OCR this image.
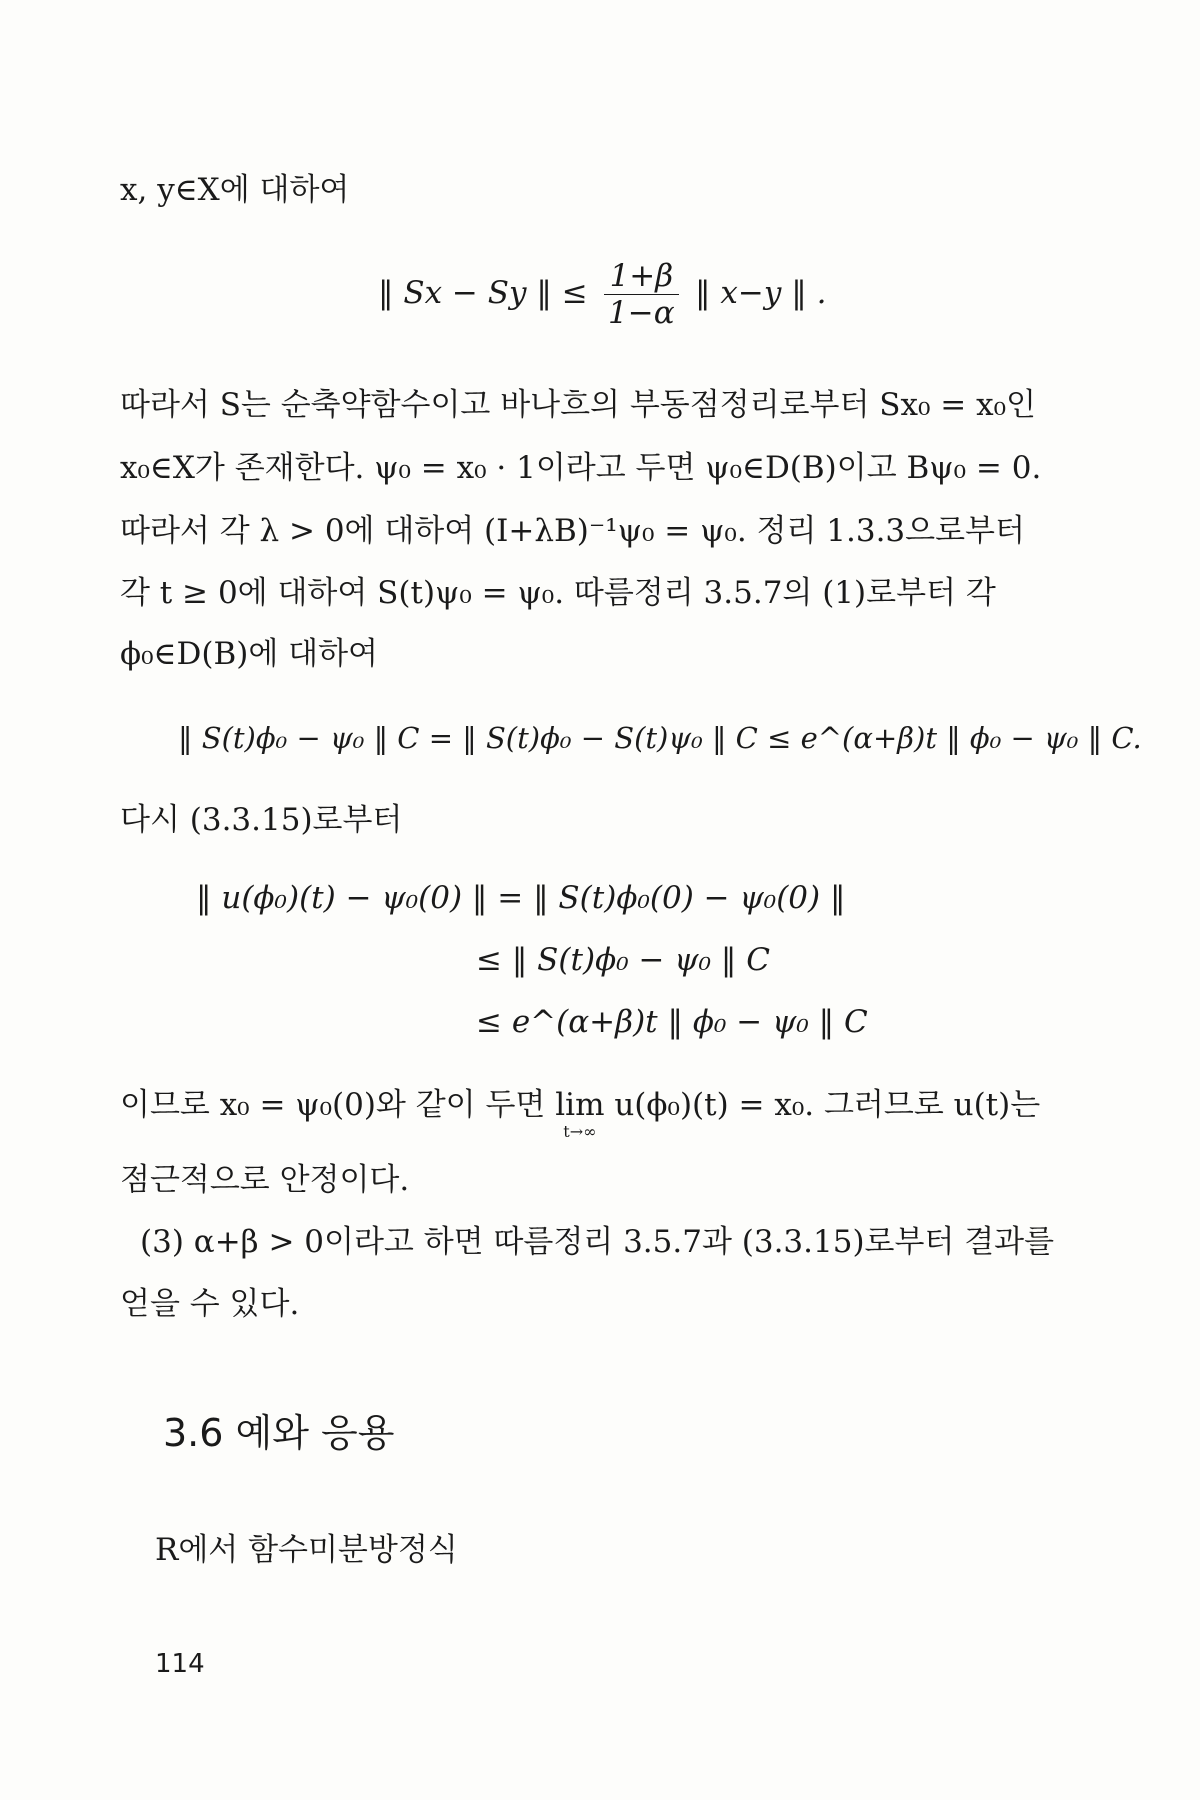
x, y∈X에 대하여
‖ Sx − Sy ‖ ≤ $\frac{1+\beta}{1-\alpha}$ ‖ x−y ‖ .
따라서 S는 순축약함수이고 바나흐의 부동점정리로부터 Sx₀ = x₀인
x₀∈X가 존재한다. ψ₀ = x₀ · 1이라고 두면 ψ₀∈D(B)이고 Bψ₀ = 0.
따라서 각 λ > 0에 대하여 (I+λB)⁻¹ψ₀ = ψ₀. 정리 1.3.3으로부터
각 t ≥ 0에 대하여 S(t)ψ₀ = ψ₀. 따름정리 3.5.7의 (1)로부터 각
ϕ₀∈D(B)에 대하여
‖ S(t)ϕ₀ − ψ₀ ‖ C = ‖ S(t)ϕ₀ − S(t)ψ₀ ‖ C ≤ e^(α+β)t ‖ ϕ₀ − ψ₀ ‖ C.
다시 (3.3.15)로부터
‖ u(ϕ₀)(t) − ψ₀(0) ‖ = ‖ S(t)ϕ₀(0) − ψ₀(0) ‖
≤ ‖ S(t)ϕ₀ − ψ₀ ‖ C
≤ e^(α+β)t ‖ ϕ₀ − ψ₀ ‖ C
이므로 x₀ = ψ₀(0)와 같이 두면 lim
t→∞
u(ϕ₀)(t) = x₀. 그러므로 u(t)는
점근적으로 안정이다.
(3) α+β > 0이라고 하면 따름정리 3.5.7과 (3.3.15)로부터 결과를
얻을 수 있다.
3.6 예와 응용
R에서 함수미분방정식
114
